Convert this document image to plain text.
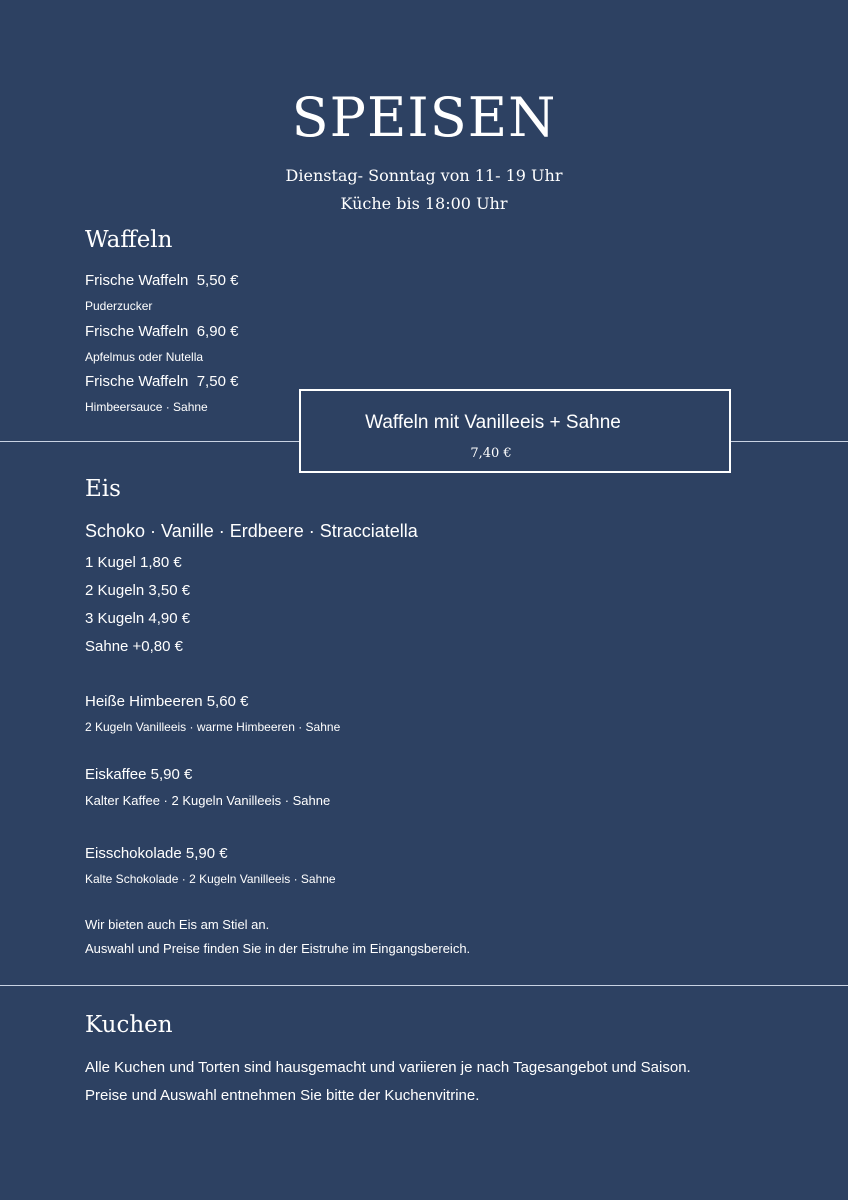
SPEISEN
Dienstag- Sonntag von 11- 19 Uhr
Küche bis 18:00 Uhr
Waffeln
Frische Waffeln 5,50 €
Puderzucker
Frische Waffeln 6,90 €
Apfelmus oder Nutella
Frische Waffeln 7,50 €
Himbeersauce · Sahne
Waffeln mit Vanilleeis + Sahne
7,40 €
Eis
Schoko · Vanille · Erdbeere · Stracciatella
1 Kugel 1,80 €
2 Kugeln 3,50 €
3 Kugeln 4,90 €
Sahne +0,80 €
Heiße Himbeeren 5,60 €
2 Kugeln Vanilleeis · warme Himbeeren · Sahne
Eiskaffee 5,90 €
Kalter Kaffee · 2 Kugeln Vanilleeis · Sahne
Eisschokolade 5,90 €
Kalte Schokolade · 2 Kugeln Vanilleeis · Sahne
Wir bieten auch Eis am Stiel an.
Auswahl und Preise finden Sie in der Eistruhe im Eingangsbereich.
Kuchen
Alle Kuchen und Torten sind hausgemacht und variieren je nach Tagesangebot und Saison.
Preise und Auswahl entnehmen Sie bitte der Kuchenvitrine.
